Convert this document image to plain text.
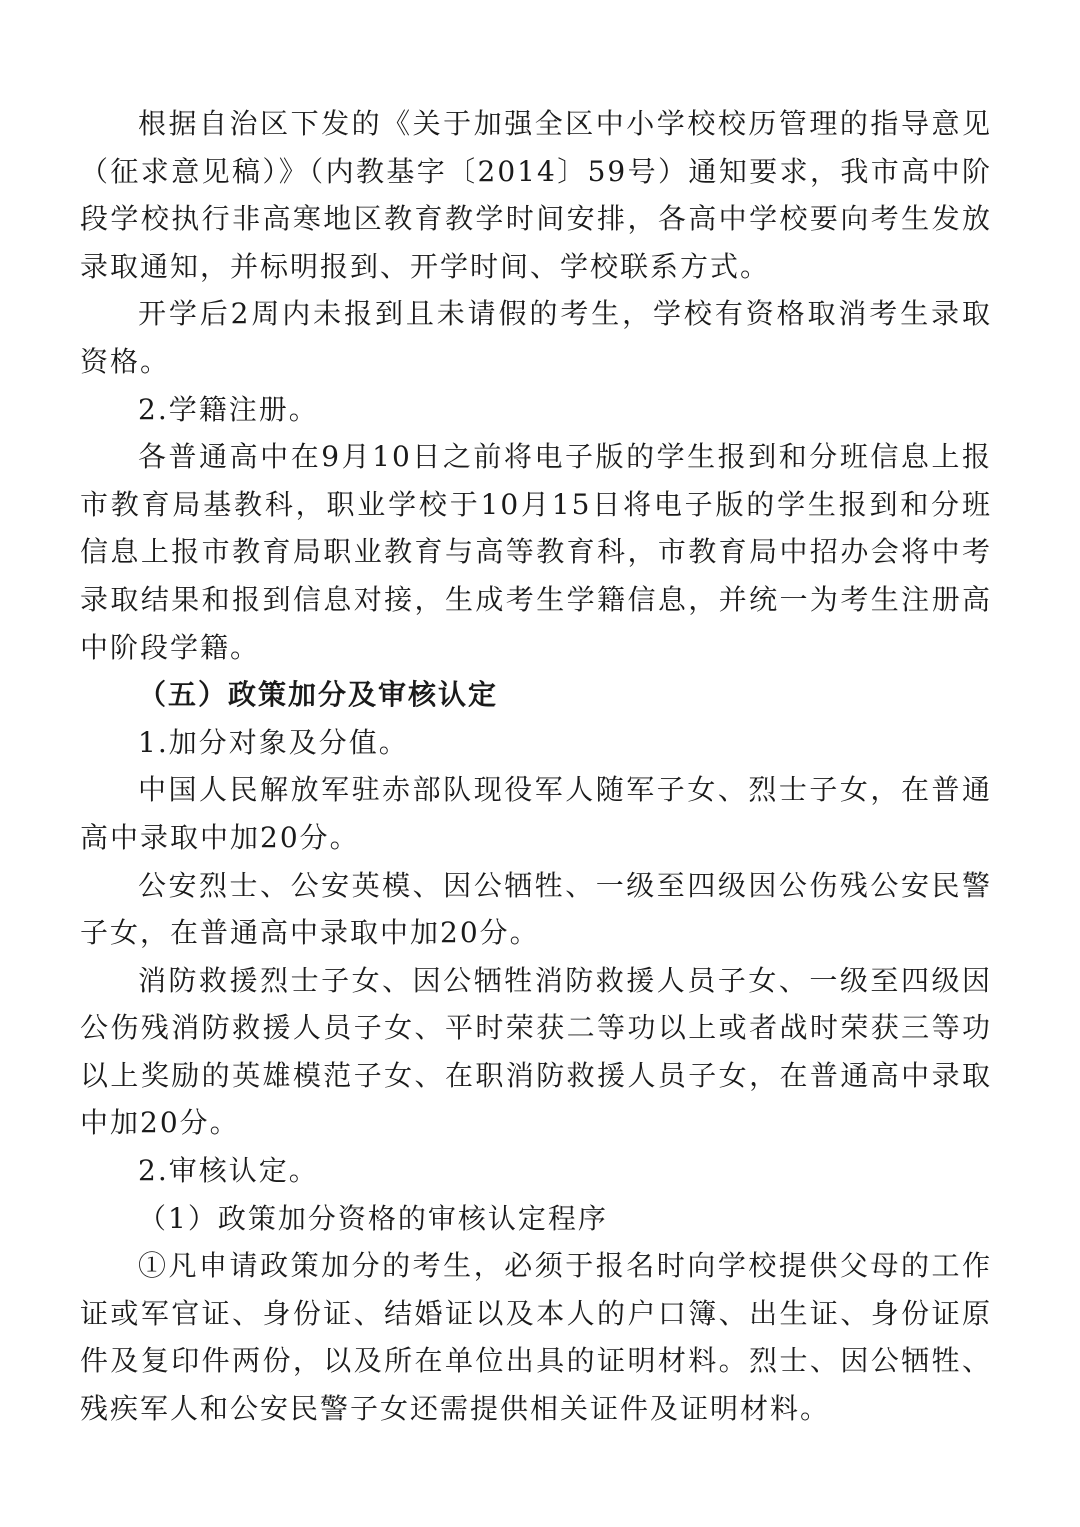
根据自治区下发的《关于加强全区中小学校校历管理的指导意见（征求意见稿）》（内教基字〔2014〕59号）通知要求，我市高中阶段学校执行非高寒地区教育教学时间安排，各高中学校要向考生发放录取通知，并标明报到、开学时间、学校联系方式。

开学后2周内未报到且未请假的考生，学校有资格取消考生录取资格。

2.学籍注册。

各普通高中在9月10日之前将电子版的学生报到和分班信息上报市教育局基教科，职业学校于10月15日将电子版的学生报到和分班信息上报市教育局职业教育与高等教育科，市教育局中招办会将中考录取结果和报到信息对接，生成考生学籍信息，并统一为考生注册高中阶段学籍。

（五）政策加分及审核认定

1.加分对象及分值。

中国人民解放军驻赤部队现役军人随军子女、烈士子女，在普通高中录取中加20分。

公安烈士、公安英模、因公牺牲、一级至四级因公伤残公安民警子女，在普通高中录取中加20分。

消防救援烈士子女、因公牺牲消防救援人员子女、一级至四级因公伤残消防救援人员子女、平时荣获二等功以上或者战时荣获三等功以上奖励的英雄模范子女、在职消防救援人员子女，在普通高中录取中加20分。

2.审核认定。

（1）政策加分资格的审核认定程序

①凡申请政策加分的考生，必须于报名时向学校提供父母的工作证或军官证、身份证、结婚证以及本人的户口簿、出生证、身份证原件及复印件两份，以及所在单位出具的证明材料。烈士、因公牺牲、残疾军人和公安民警子女还需提供相关证件及证明材料。
